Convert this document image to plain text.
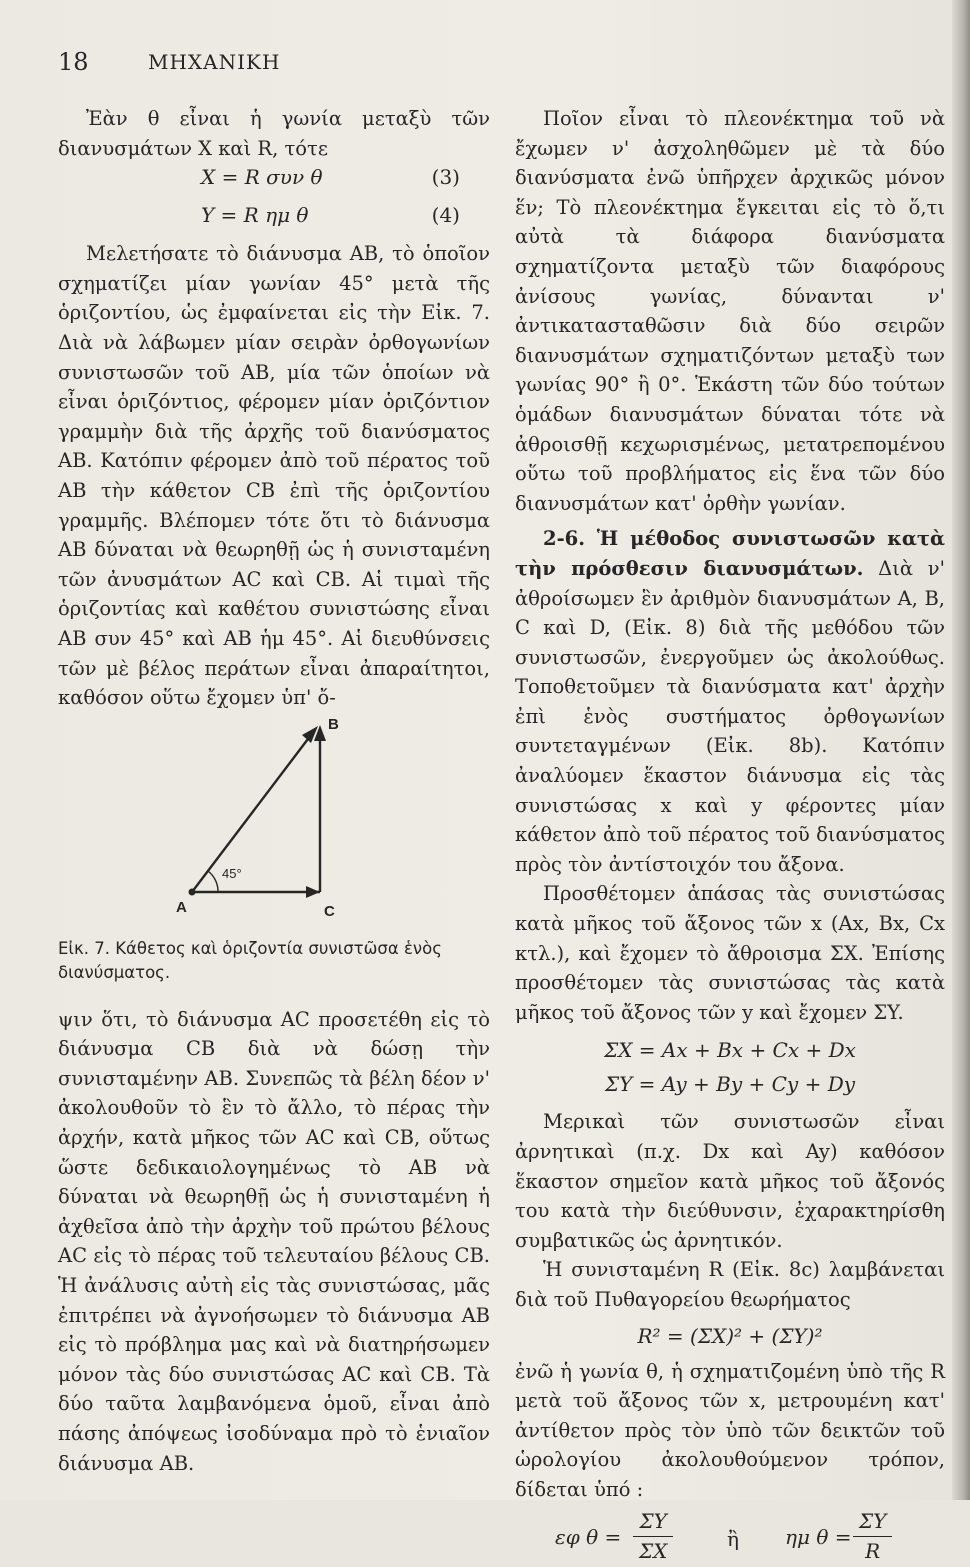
18	ΜΗΧΑΝΙΚΗ

Ἐὰν θ εἶναι ἡ γωνία μεταξὺ τῶν διανυσμάτων X καὶ R, τότε

X = R συν θ	(3)
Y = R ημ θ	(4)

Μελετήσατε τὸ διάνυσμα AB, τὸ ὁποῖον σχηματίζει μίαν γωνίαν 45° μετὰ τῆς ὁριζοντίου, ὡς ἐμφαίνεται εἰς τὴν Εἰκ. 7. Διὰ νὰ λάβωμεν μίαν σειρὰν ὀρθογωνίων συνιστωσῶν τοῦ AB, μία τῶν ὁποίων νὰ εἶναι ὁριζόντιος, φέρομεν μίαν ὁριζόντιον γραμμὴν διὰ τῆς ἀρχῆς τοῦ διανύσματος AB. Κατόπιν φέρομεν ἀπὸ τοῦ πέρατος τοῦ AB τὴν κάθετον CB ἐπὶ τῆς ὁριζοντίου γραμμῆς. Βλέπομεν τότε ὅτι τὸ διάνυσμα AB δύναται νὰ θεωρηθῇ ὡς ἡ συνισταμένη τῶν ἀνυσμάτων AC καὶ CB. Αἱ τιμαὶ τῆς ὁριζοντίας καὶ καθέτου συνιστώσης εἶναι AB συν 45° καὶ AB ἡμ 45°. Αἱ διευθύνσεις τῶν μὲ βέλος περάτων εἶναι ἀπαραίτητοι, καθόσον οὕτω ἔχομεν ὑπ' ὄ-

45°
A
B
C

Εἰκ. 7. Κάθετος καὶ ὁριζοντία συνιστῶσα ἑνὸς διανύσματος.

ψιν ὅτι, τὸ διάνυσμα AC προσετέθη εἰς τὸ διάνυσμα CB διὰ νὰ δώσῃ τὴν συνισταμένην AB. Συνεπῶς τὰ βέλη δέον ν' ἀκολουθοῦν τὸ ἓν τὸ ἄλλο, τὸ πέρας τὴν ἀρχήν, κατὰ μῆκος τῶν AC καὶ CB, οὕτως ὥστε δεδικαιολογημένως τὸ AB νὰ δύναται νὰ θεωρηθῇ ὡς ἡ συνισταμένη ἡ ἀχθεῖσα ἀπὸ τὴν ἀρχὴν τοῦ πρώτου βέλους AC εἰς τὸ πέρας τοῦ τελευταίου βέλους CB. Ἡ ἀνάλυσις αὐτὴ εἰς τὰς συνιστώσας, μᾶς ἐπιτρέπει νὰ ἀγνοήσωμεν τὸ διάνυσμα AB εἰς τὸ πρόβλημα μας καὶ νὰ διατηρήσωμεν μόνον τὰς δύο συνιστώσας AC καὶ CB. Τὰ δύο ταῦτα λαμβανόμενα ὁμοῦ, εἶναι ἀπὸ πάσης ἀπόψεως ἰσοδύναμα πρὸ τὸ ἑνιαῖον διάνυσμα AB.

Ποῖον εἶναι τὸ πλεονέκτημα τοῦ νὰ ἔχωμεν ν' ἀσχοληθῶμεν μὲ τὰ δύο διανύσματα ἐνῶ ὑπῆρχεν ἀρχικῶς μόνον ἕν; Τὸ πλεονέκτημα ἔγκειται εἰς τὸ ὅ,τι αὐτὰ τὰ διάφορα διανύσματα σχηματίζοντα μεταξὺ τῶν διαφόρους ἀνίσους γωνίας, δύνανται ν' ἀντικατασταθῶσιν διὰ δύο σειρῶν διανυσμάτων σχηματιζόντων μεταξὺ των γωνίας 90° ἢ 0°. Ἑκάστη τῶν δύο τούτων ὁμάδων διανυσμάτων δύναται τότε νὰ ἀθροισθῇ κεχωρισμένως, μετατρεπομένου οὕτω τοῦ προβλήματος εἰς ἕνα τῶν δύο διανυσμάτων κατ' ὀρθὴν γωνίαν.

2-6. Ἡ μέθοδος συνιστωσῶν κατὰ τὴν πρόσθεσιν διανυσμάτων. Διὰ ν' ἀθροίσωμεν ἓν ἀριθμὸν διανυσμάτων A, B, C καὶ D, (Εἰκ. 8) διὰ τῆς μεθόδου τῶν συνιστωσῶν, ἐνεργοῦμεν ὡς ἀκολούθως. Τοποθετοῦμεν τὰ διανύσματα κατ' ἀρχὴν ἐπὶ ἑνὸς συστήματος ὀρθογωνίων συντεταγμένων (Εἰκ. 8b). Κατόπιν ἀναλύομεν ἕκαστον διάνυσμα εἰς τὰς συνιστώσας x καὶ y φέροντες μίαν κάθετον ἀπὸ τοῦ πέρατος τοῦ διανύσματος πρὸς τὸν ἀντίστοιχόν του ἄξονα.

Προσθέτομεν ἁπάσας τὰς συνιστώσας κατὰ μῆκος τοῦ ἄξονος τῶν x (Ax, Bx, Cx κτλ.), καὶ ἔχομεν τὸ ἄθροισμα ΣX. Ἐπίσης προσθέτομεν τὰς συνιστώσας τὰς κατὰ μῆκος τοῦ ἄξονος τῶν y καὶ ἔχομεν ΣY.

ΣX = Ax + Bx + Cx + Dx
ΣY = Ay + By + Cy + Dy

Μερικαὶ τῶν συνιστωσῶν εἶναι ἀρνητικαὶ (π.χ. Dx καὶ Ay) καθόσον ἕκαστον σημεῖον κατὰ μῆκος τοῦ ἄξονός του κατὰ τὴν διεύθυνσιν, ἐχαρακτηρίσθη συμβατικῶς ὡς ἀρνητικόν.

Ἡ συνισταμένη R (Εἰκ. 8c) λαμβάνεται διὰ τοῦ Πυθαγορείου θεωρήματος

R² = (ΣX)² + (ΣY)²

ἐνῶ ἡ γωνία θ, ἡ σχηματιζομένη ὑπὸ τῆς R μετὰ τοῦ ἄξονος τῶν x, μετρουμένη κατ' ἀντίθετον πρὸς τὸν ὑπὸ τῶν δεικτῶν τοῦ ὡρολογίου ἀκολουθούμενον τρόπον, δίδεται ὑπό :

εφ $\theta = \frac{\Sigma Y}{\Sigma X}$	ἢ ημ $\theta = \frac{\Sigma Y}{R}$
